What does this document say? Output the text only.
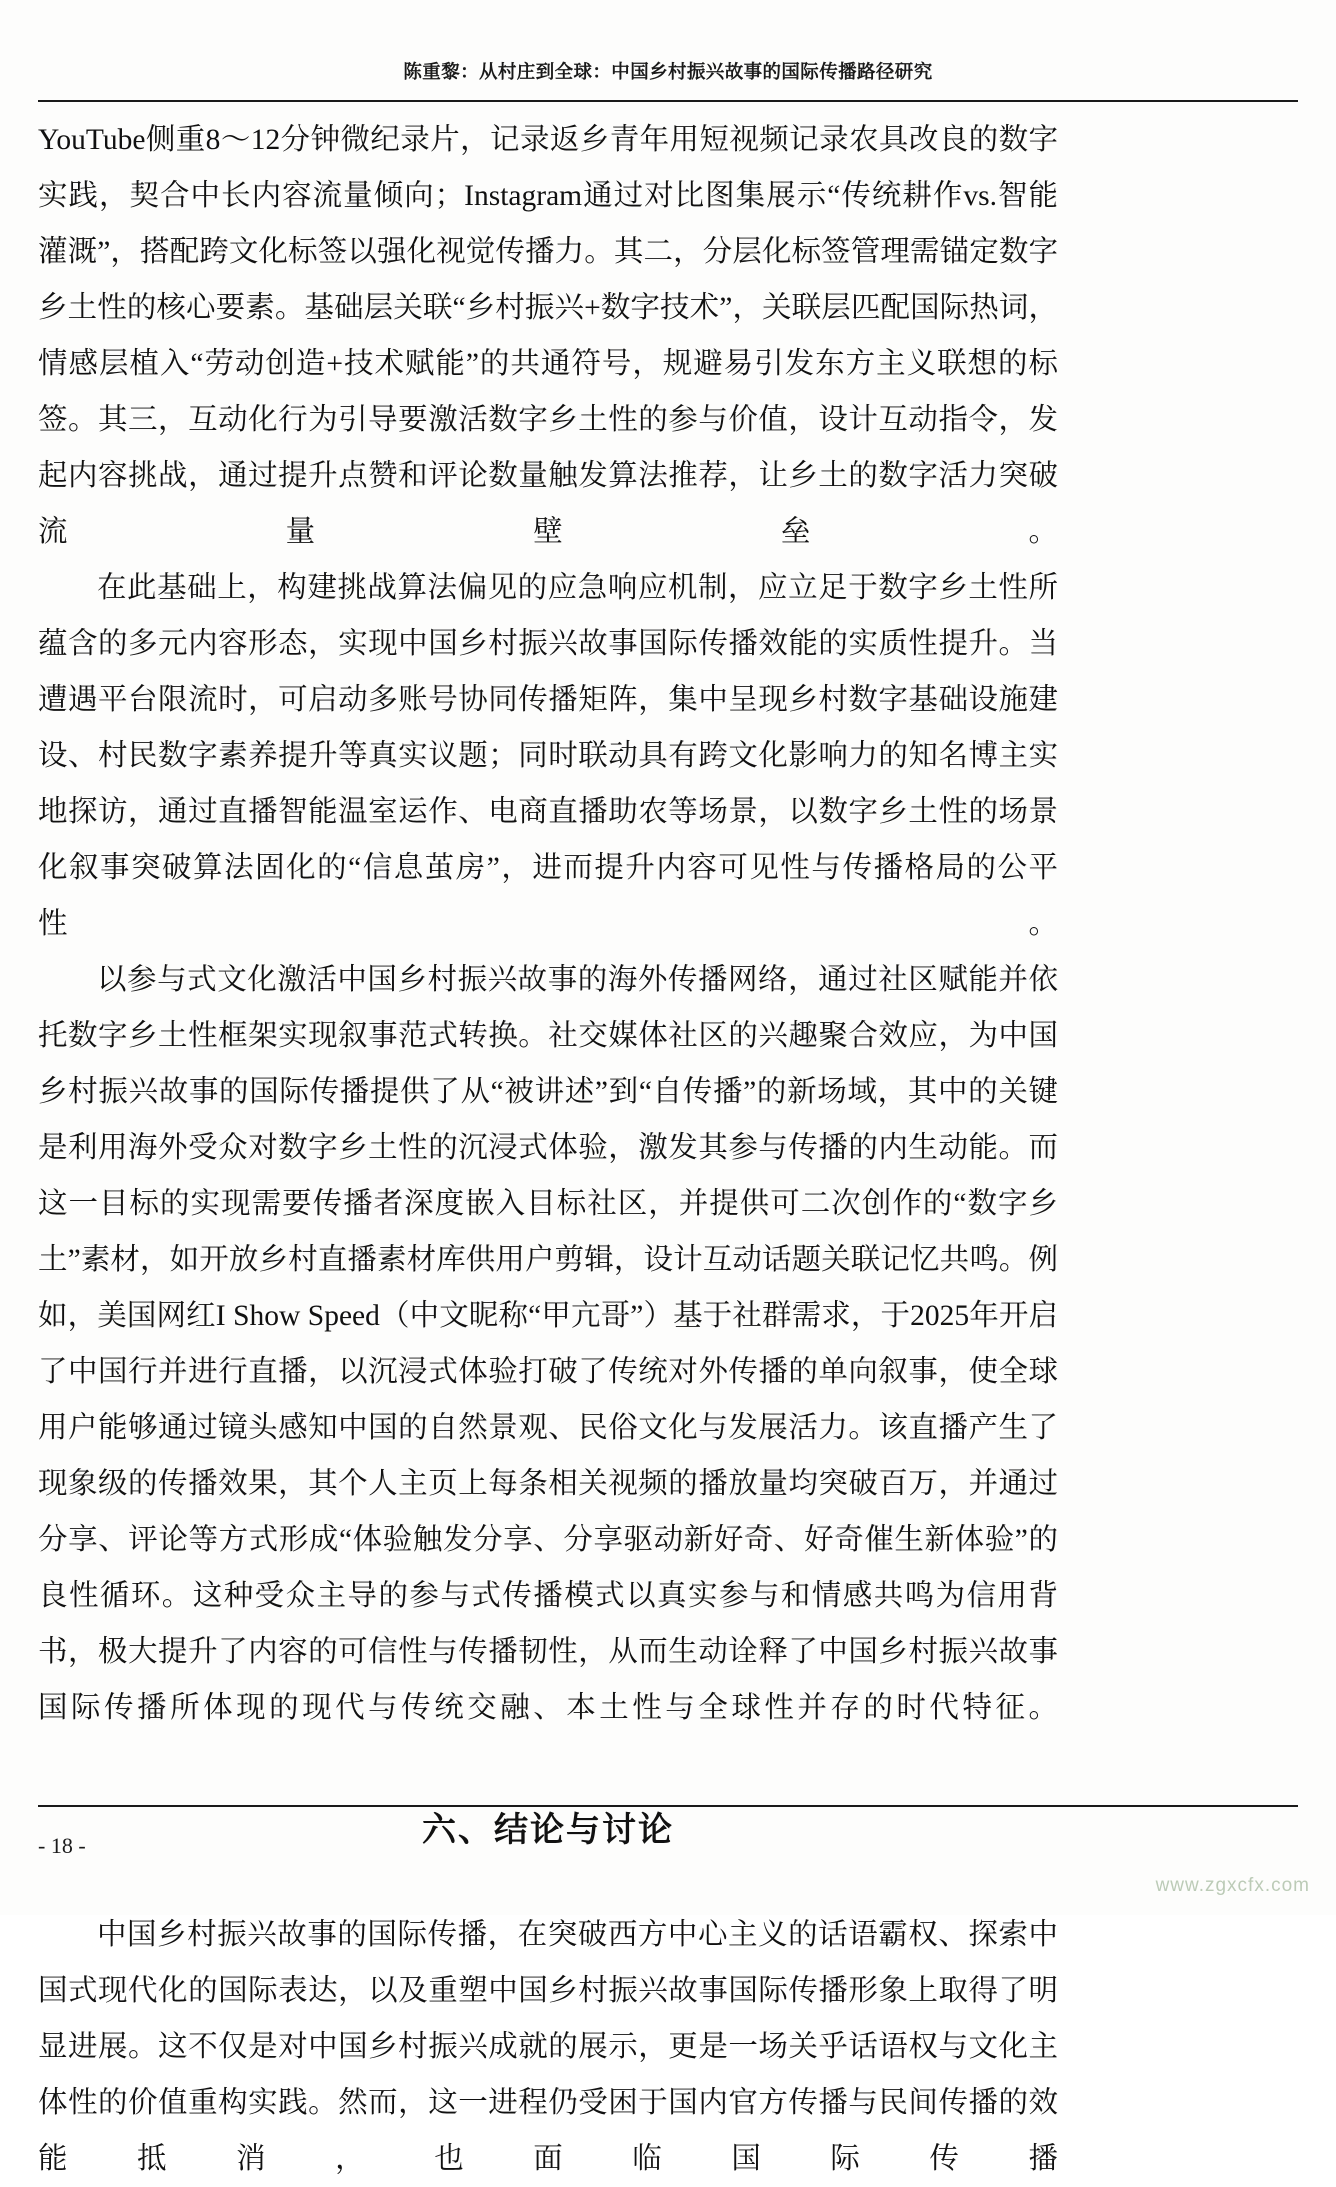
陈重黎：从村庄到全球：中国乡村振兴故事的国际传播路径研究

YouTube侧重8～12分钟微纪录片，记录返乡青年用短视频记录农具改良的数字实践，契合中长内容流量倾向；Instagram通过对比图集展示“传统耕作vs.智能灌溉”，搭配跨文化标签以强化视觉传播力。其二，分层化标签管理需锚定数字乡土性的核心要素。基础层关联“乡村振兴+数字技术”，关联层匹配国际热词，情感层植入“劳动创造+技术赋能”的共通符号，规避易引发东方主义联想的标签。其三，互动化行为引导要激活数字乡土性的参与价值，设计互动指令，发起内容挑战，通过提升点赞和评论数量触发算法推荐，让乡土的数字活力突破流量壁垒。

在此基础上，构建挑战算法偏见的应急响应机制，应立足于数字乡土性所蕴含的多元内容形态，实现中国乡村振兴故事国际传播效能的实质性提升。当遭遇平台限流时，可启动多账号协同传播矩阵，集中呈现乡村数字基础设施建设、村民数字素养提升等真实议题；同时联动具有跨文化影响力的知名博主实地探访，通过直播智能温室运作、电商直播助农等场景，以数字乡土性的场景化叙事突破算法固化的“信息茧房”，进而提升内容可见性与传播格局的公平性。

以参与式文化激活中国乡村振兴故事的海外传播网络，通过社区赋能并依托数字乡土性框架实现叙事范式转换。社交媒体社区的兴趣聚合效应，为中国乡村振兴故事的国际传播提供了从“被讲述”到“自传播”的新场域，其中的关键是利用海外受众对数字乡土性的沉浸式体验，激发其参与传播的内生动能。而这一目标的实现需要传播者深度嵌入目标社区，并提供可二次创作的“数字乡土”素材，如开放乡村直播素材库供用户剪辑，设计互动话题关联记忆共鸣。例如，美国网红I Show Speed（中文昵称“甲亢哥”）基于社群需求，于2025年开启了中国行并进行直播，以沉浸式体验打破了传统对外传播的单向叙事，使全球用户能够通过镜头感知中国的自然景观、民俗文化与发展活力。该直播产生了现象级的传播效果，其个人主页上每条相关视频的播放量均突破百万，并通过分享、评论等方式形成“体验触发分享、分享驱动新好奇、好奇催生新体验”的良性循环。这种受众主导的参与式传播模式以真实参与和情感共鸣为信用背书，极大提升了内容的可信性与传播韧性，从而生动诠释了中国乡村振兴故事国际传播所体现的现代与传统交融、本土性与全球性并存的时代特征。

六、结论与讨论

中国乡村振兴故事的国际传播，在突破西方中心主义的话语霸权、探索中国式现代化的国际表达，以及重塑中国乡村振兴故事国际传播形象上取得了明显进展。这不仅是对中国乡村振兴成就的展示，更是一场关乎话语权与文化主体性的价值重构实践。然而，这一进程仍受困于国内官方传播与民间传播的效能抵消，也面临国际传播

- 18 -
www.zgxcfx.com
